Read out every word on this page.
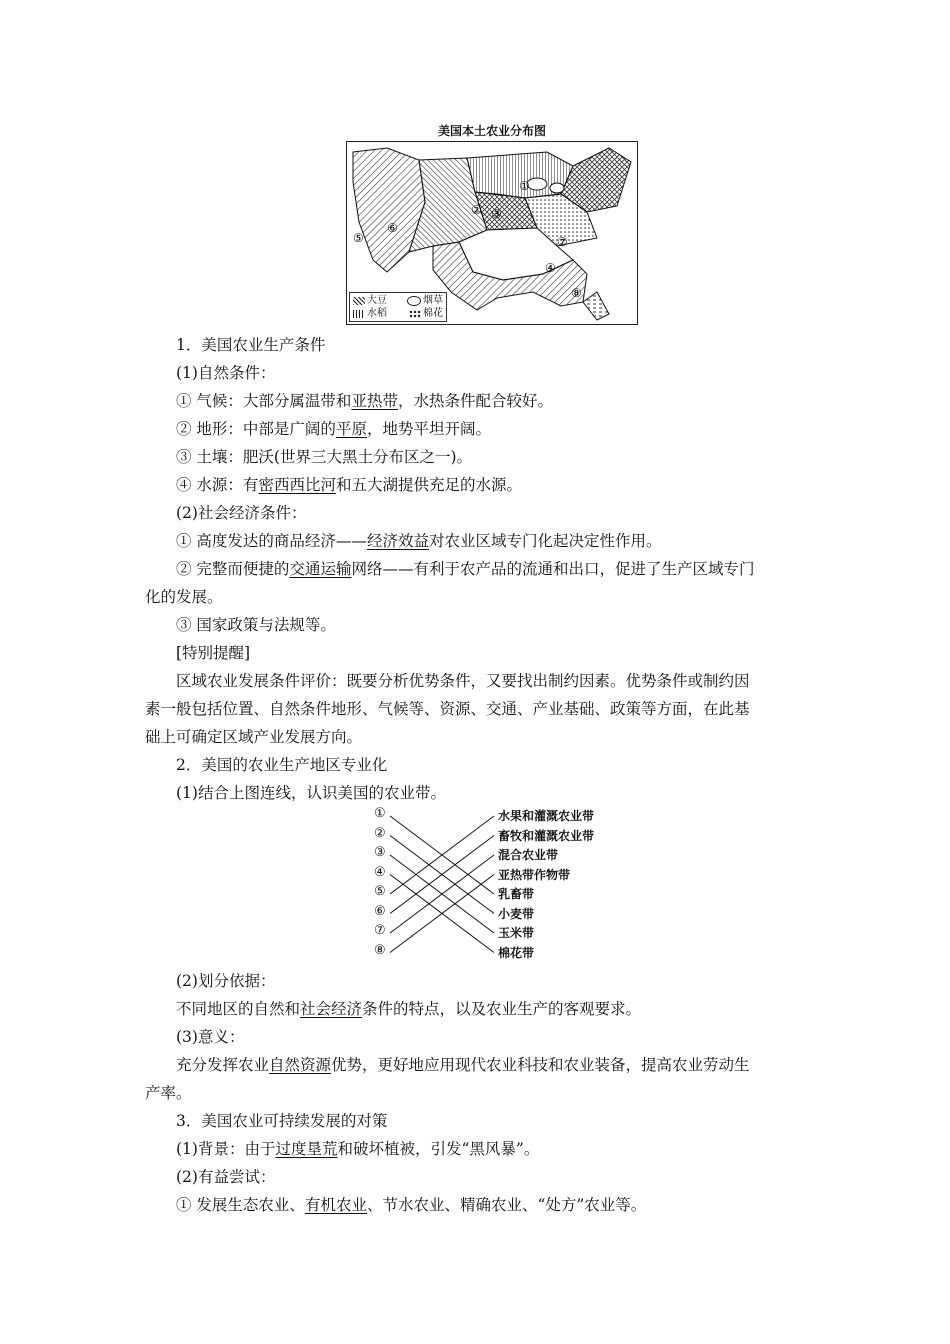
美国本土农业分布图
①
② ③
④
⑤
⑥
⑦
⑧
大豆	烟草
水稻	棉花
1．美国农业生产条件
(1)自然条件：
① 气候：大部分属温带和亚热带，水热条件配合较好。
② 地形：中部是广阔的平原，地势平坦开阔。
③ 土壤：肥沃(世界三大黑土分布区之一)。
④ 水源：有密西西比河和五大湖提供充足的水源。
(2)社会经济条件：
① 高度发达的商品经济——经济效益对农业区域专门化起决定性作用。
② 完整而便捷的交通运输网络——有利于农产品的流通和出口，促进了生产区域专门
化的发展。
③ 国家政策与法规等。
[特别提醒]
区域农业发展条件评价：既要分析优势条件，又要找出制约因素。优势条件或制约因
素一般包括位置、自然条件地形、气候等、资源、交通、产业基础、政策等方面，在此基
础上可确定区域产业发展方向。
2．美国的农业生产地区专业化
(1)结合上图连线，认识美国的农业带。
①
②
③
④
⑤
⑥
⑦
⑧
水果和灌溉农业带
畜牧和灌溉农业带
混合农业带
亚热带作物带
乳畜带
小麦带
玉米带
棉花带
(2)划分依据：
不同地区的自然和社会经济条件的特点，以及农业生产的客观要求。
(3)意义：
充分发挥农业自然资源优势，更好地应用现代农业科技和农业装备，提高农业劳动生
产率。
3．美国农业可持续发展的对策
(1)背景：由于过度垦荒和破坏植被，引发“黑风暴”。
(2)有益尝试：
① 发展生态农业、有机农业、节水农业、精确农业、“处方”农业等。
